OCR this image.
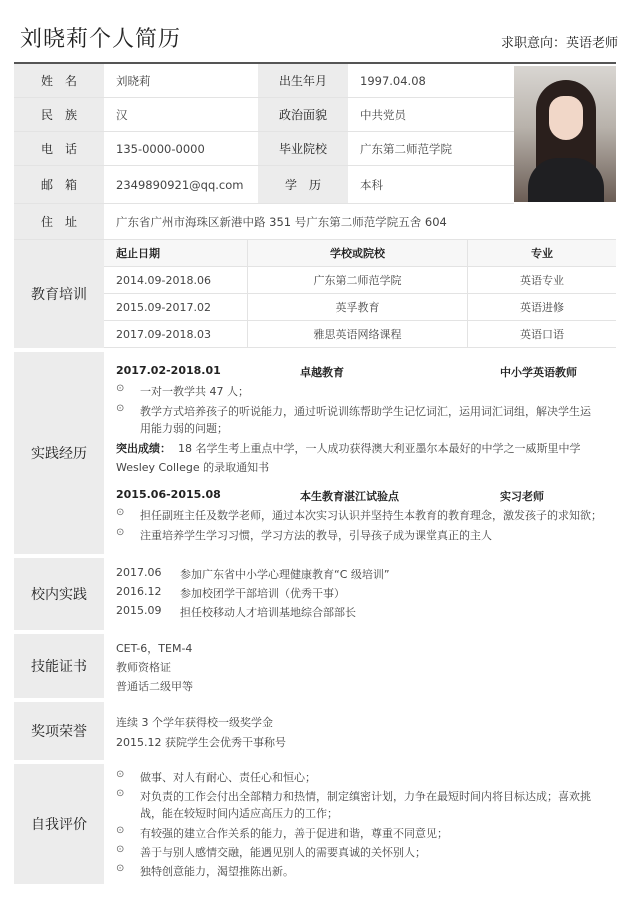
刘晓莉个人简历	求职意向：英语老师
姓　名	刘晓莉	出生年月	1997.04.08
民　族	汉	政治面貌	中共党员
电　话	135-0000-0000	毕业院校	广东第二师范学院
邮　箱	2349890921@qq.com	学　历	本科
住　址	广东省广州市海珠区新港中路 351 号广东第二师范学院五舍 604
教育培训
起止日期	学校或院校	专业
2014.09-2018.06	广东第二师范学院	英语专业
2015.09-2017.02	英孚教育	英语进修
2017.09-2018.03	雅思英语网络课程	英语口语
实践经历
2017.02-2018.01	卓越教育	中小学英语教师
⊙ 一对一教学共 47 人；
⊙ 教学方式培养孩子的听说能力，通过听说训练帮助学生记忆词汇，运用词汇词组，解决学生运
用能力弱的问题；
突出成绩： 18 名学生考上重点中学，一人成功获得澳大利亚墨尔本最好的中学之一威斯里中学
Wesley College 的录取通知书
2015.06-2015.08	本生教育湛江试验点	实习老师
⊙ 担任副班主任及数学老师，通过本次实习认识并坚持生本教育的教育理念，激发孩子的求知欲；
⊙ 注重培养学生学习习惯，学习方法的教导，引导孩子成为课堂真正的主人
校内实践
2017.06 参加广东省中小学心理健康教育“C 级培训”
2016.12 参加校团学干部培训（优秀干事）
2015.09 担任校移动人才培训基地综合部部长
技能证书
CET-6，TEM-4
教师资格证
普通话二级甲等
奖项荣誉
连续 3 个学年获得校一级奖学金
2015.12 获院学生会优秀干事称号
自我评价
⊙ 做事、对人有耐心、责任心和恒心；
⊙ 对负责的工作会付出全部精力和热情，制定缜密计划，力争在最短时间内将目标达成；喜欢挑
战，能在较短时间内适应高压力的工作；
⊙ 有较强的建立合作关系的能力，善于促进和谐，尊重不同意见；
⊙ 善于与别人感情交融，能遇见别人的需要真诚的关怀别人；
⊙ 独特创意能力，渴望推陈出新。
